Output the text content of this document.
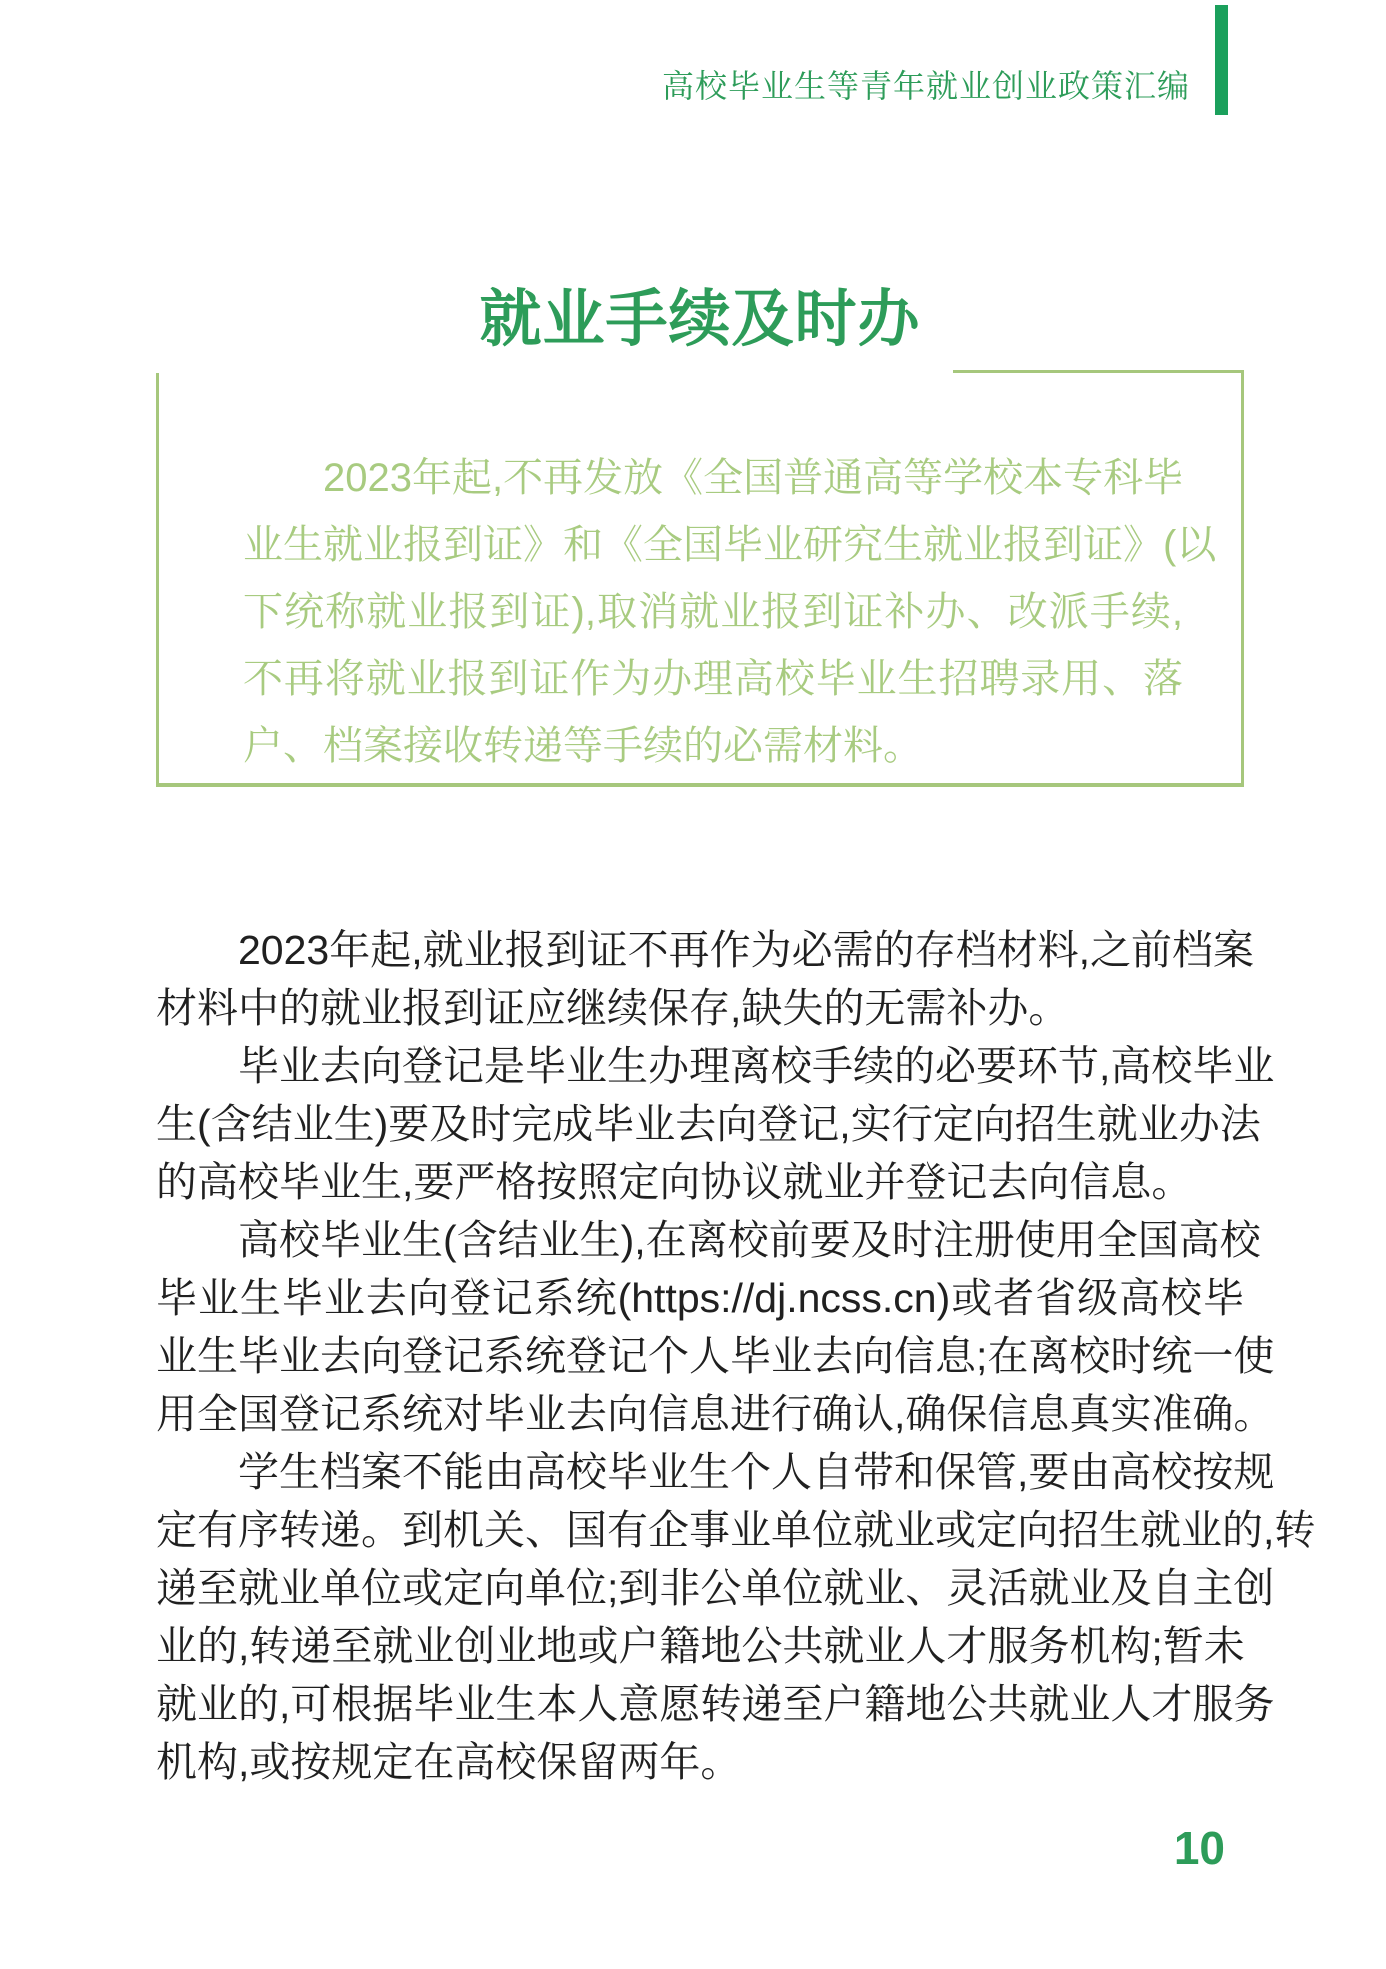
高校毕业生等青年就业创业政策汇编
就业手续及时办
2023年起,不再发放《全国普通高等学校本专科毕
业生就业报到证》和《全国毕业研究生就业报到证》(以
下统称就业报到证),取消就业报到证补办、改派手续,
不再将就业报到证作为办理高校毕业生招聘录用、落
户、档案接收转递等手续的必需材料。
2023年起,就业报到证不再作为必需的存档材料,之前档案
材料中的就业报到证应继续保存,缺失的无需补办。
毕业去向登记是毕业生办理离校手续的必要环节,高校毕业
生(含结业生)要及时完成毕业去向登记,实行定向招生就业办法
的高校毕业生,要严格按照定向协议就业并登记去向信息。
高校毕业生(含结业生),在离校前要及时注册使用全国高校
毕业生毕业去向登记系统(https://dj.ncss.cn)或者省级高校毕
业生毕业去向登记系统登记个人毕业去向信息;在离校时统一使
用全国登记系统对毕业去向信息进行确认,确保信息真实准确。
学生档案不能由高校毕业生个人自带和保管,要由高校按规
定有序转递。到机关、国有企事业单位就业或定向招生就业的,转
递至就业单位或定向单位;到非公单位就业、灵活就业及自主创
业的,转递至就业创业地或户籍地公共就业人才服务机构;暂未
就业的,可根据毕业生本人意愿转递至户籍地公共就业人才服务
机构,或按规定在高校保留两年。
10
